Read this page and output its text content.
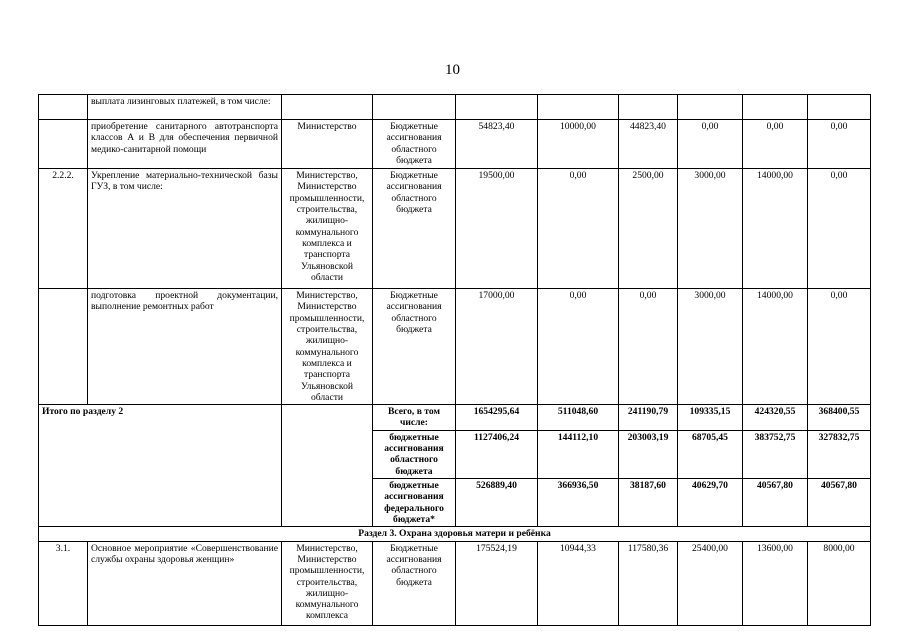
10
	выплата лизинговых платежей, в том числе:								
	приобретение санитарного автотранспорта классов А и В для обеспечения первичной медико-санитарной помощи	Министерство	Бюджетные ассигнования областного бюджета	54823,40	10000,00	44823,40	0,00	0,00	0,00
2.2.2.	Укрепление материально-технической базы ГУЗ, в том числе:	Министерство, Министерство промышленности, строительства, жилищно-коммунального комплекса и транспорта Ульяновской области	Бюджетные ассигнования областного бюджета	19500,00	0,00	2500,00	3000,00	14000,00	0,00
	подготовка проектной документации, выполнение ремонтных работ	Министерство, Министерство промышленности, строительства, жилищно-коммунального комплекса и транспорта Ульяновской области	Бюджетные ассигнования областного бюджета	17000,00	0,00	0,00	3000,00	14000,00	0,00
Итого по разделу 2			Всего, в том числе:	1654295,64	511048,60	241190,79	109335,15	424320,55	368400,55
			бюджетные ассигнования областного бюджета	1127406,24	144112,10	203003,19	68705,45	383752,75	327832,75
			бюджетные ассигнования федерального бюджета*	526889,40	366936,50	38187,60	40629,70	40567,80	40567,80
Раздел 3. Охрана здоровья матери и ребёнка									
3.1.	Основное мероприятие «Совершенствование службы охраны здоровья женщин»	Министерство, Министерство промышленности, строительства, жилищно-коммунального комплекса	Бюджетные ассигнования областного бюджета	175524,19	10944,33	117580,36	25400,00	13600,00	8000,00
